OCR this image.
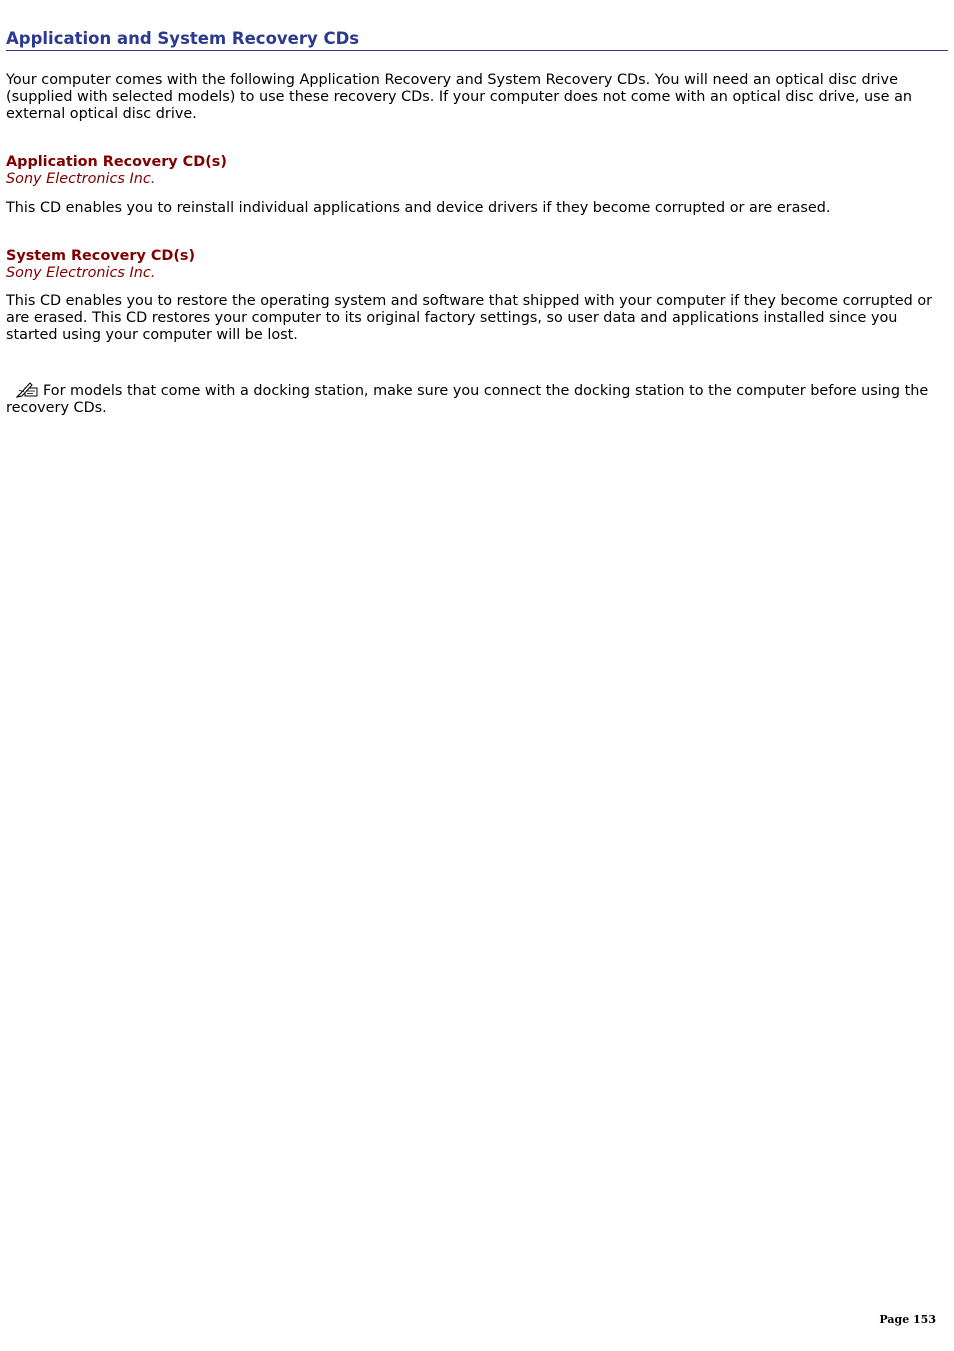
Application and System Recovery CDs

Your computer comes with the following Application Recovery and System Recovery CDs. You will need an optical disc drive (supplied with selected models) to use these recovery CDs. If your computer does not come with an optical disc drive, use an external optical disc drive.

Application Recovery CD(s)

Sony Electronics Inc.

This CD enables you to reinstall individual applications and device drivers if they become corrupted or are erased.

System Recovery CD(s)

Sony Electronics Inc.

This CD enables you to restore the operating system and software that shipped with your computer if they become corrupted or are erased. This CD restores your computer to its original factory settings, so user data and applications installed since you started using your computer will be lost.

For models that come with a docking station, make sure you connect the docking station to the computer before using the recovery CDs.

Page 153
